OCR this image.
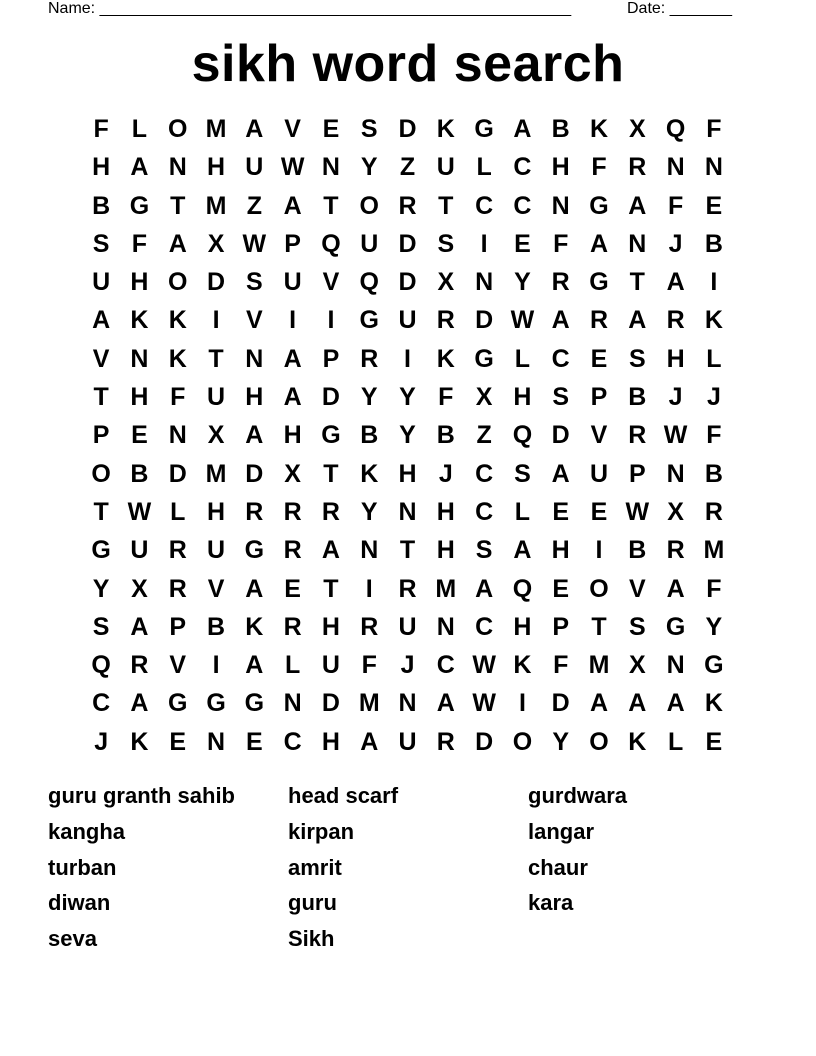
Name: _____________________________________________________	Date: _______
sikh word search
F L O M A V E S D K G A B K X Q F
H A N H U W N Y Z U L C H F R N N
B G T M Z A T O R T C C N G A F E
S F A X W P Q U D S	I	E F A N J B
U H O D S U V Q D X N Y R G T A	I
A K K	I	V	I	I	G U R D W A R A R K
V N K T N A P R	I	K G L C E S H L
T H F U H A D Y Y F X H S P B J J
P E N X A H G B Y B Z Q D V R W F
O B D M D X T K H J C S A U P N B
T W L H R R R Y N H C L E E W X R
G U R U G R A N T H S A H	I	B R M
Y X R V A E T	I	R M A Q E O V A F
S A P B K R H R U N C H P T S G Y
Q R V	I	A L U F J C W K F M X N G
C A G G G N D M N A W I	D A A A K
J K E N E C H A U R D O Y O K L E
guru granth sahib
kangha
turban
diwan
seva
head scarf
kirpan
amrit
guru
Sikh
gurdwara
langar
chaur
kara
